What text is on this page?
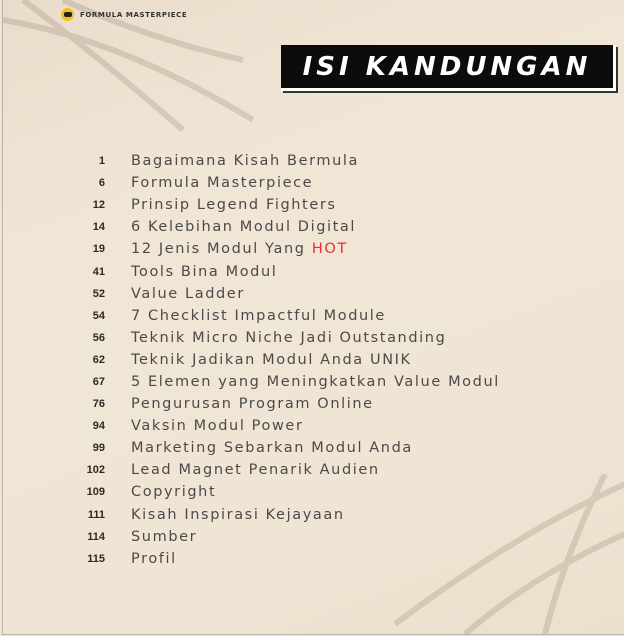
FORMULA MASTERPIECE
ISI KANDUNGAN
1 Bagaimana Kisah Bermula
6 Formula Masterpiece
12 Prinsip Legend Fighters
14 6 Kelebihan Modul Digital
19 12 Jenis Modul Yang HOT
41 Tools Bina Modul
52 Value Ladder
54 7 Checklist Impactful Module
56 Teknik Micro Niche Jadi Outstanding
62 Teknik Jadikan Modul Anda UNIK
67 5 Elemen yang Meningkatkan Value Modul
76 Pengurusan Program Online
94 Vaksin Modul Power
99 Marketing Sebarkan Modul Anda
102 Lead Magnet Penarik Audien
109 Copyright
111 Kisah Inspirasi Kejayaan
114 Sumber
115 Profil
